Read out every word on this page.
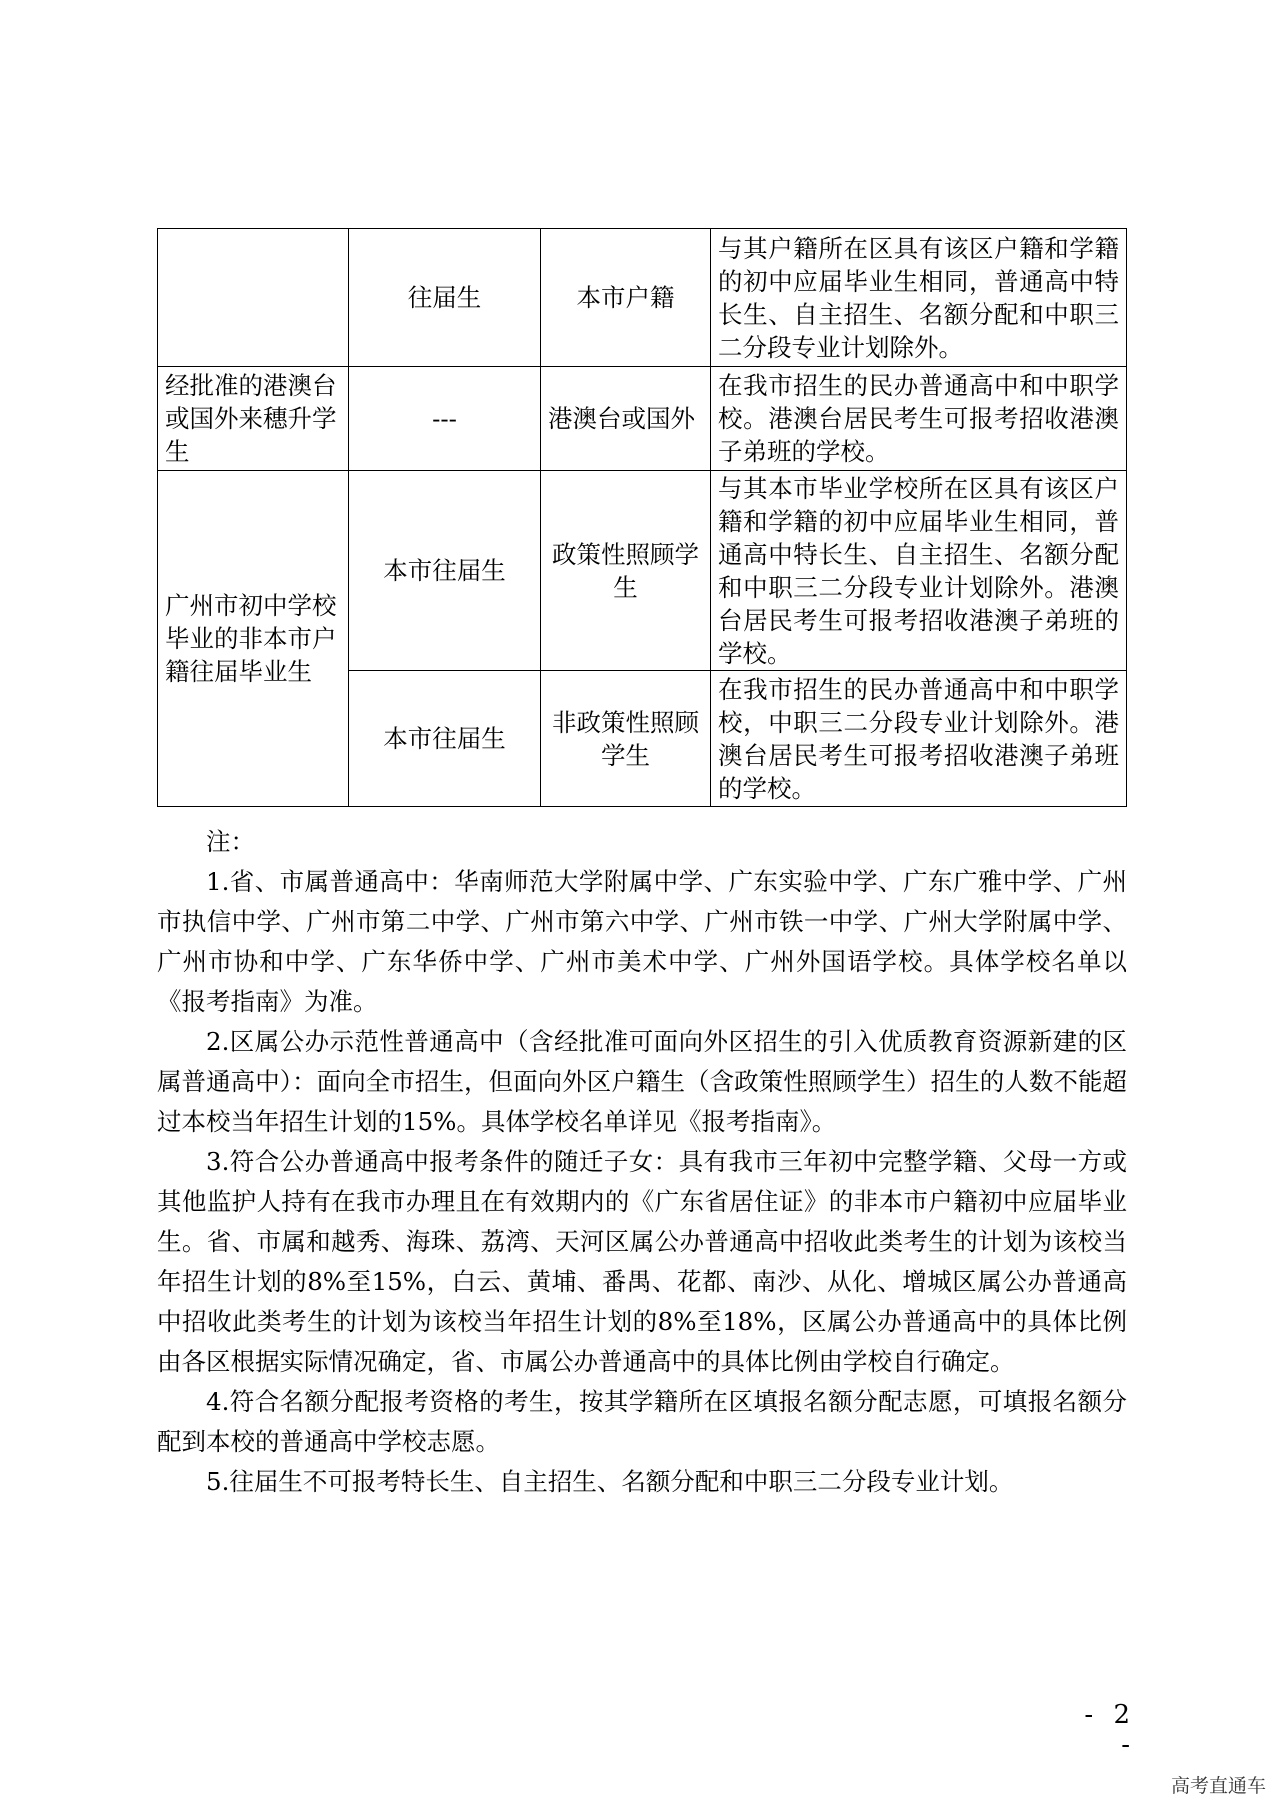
	往届生	本市户籍	与其户籍所在区具有该区户籍和学籍的初中应届毕业生相同，普通高中特长生、自主招生、名额分配和中职三二分段专业计划除外。
经批准的港澳台或国外来穗升学生	---	港澳台或国外	在我市招生的民办普通高中和中职学校。港澳台居民考生可报考招收港澳子弟班的学校。
广州市初中学校毕业的非本市户籍往届毕业生	本市往届生	政策性照顾学生	与其本市毕业学校所在区具有该区户籍和学籍的初中应届毕业生相同，普通高中特长生、自主招生、名额分配和中职三二分段专业计划除外。港澳台居民考生可报考招收港澳子弟班的学校。
	本市往届生	非政策性照顾学生	在我市招生的民办普通高中和中职学校，中职三二分段专业计划除外。港澳台居民考生可报考招收港澳子弟班的学校。

注：

1.省、市属普通高中：华南师范大学附属中学、广东实验中学、广东广雅中学、广州市执信中学、广州市第二中学、广州市第六中学、广州市铁一中学、广州大学附属中学、广州市协和中学、广东华侨中学、广州市美术中学、广州外国语学校。具体学校名单以《报考指南》为准。

2.区属公办示范性普通高中（含经批准可面向外区招生的引入优质教育资源新建的区属普通高中）：面向全市招生，但面向外区户籍生（含政策性照顾学生）招生的人数不能超过本校当年招生计划的15%。具体学校名单详见《报考指南》。

3.符合公办普通高中报考条件的随迁子女：具有我市三年初中完整学籍、父母一方或其他监护人持有在我市办理且在有效期内的《广东省居住证》的非本市户籍初中应届毕业生。省、市属和越秀、海珠、荔湾、天河区属公办普通高中招收此类考生的计划为该校当年招生计划的8%至15%，白云、黄埔、番禺、花都、南沙、从化、增城区属公办普通高中招收此类考生的计划为该校当年招生计划的8%至18%，区属公办普通高中的具体比例由各区根据实际情况确定，省、市属公办普通高中的具体比例由学校自行确定。

4.符合名额分配报考资格的考生，按其学籍所在区填报名额分配志愿，可填报名额分配到本校的普通高中学校志愿。

5.往届生不可报考特长生、自主招生、名额分配和中职三二分段专业计划。

- 2 -
高考直通车
